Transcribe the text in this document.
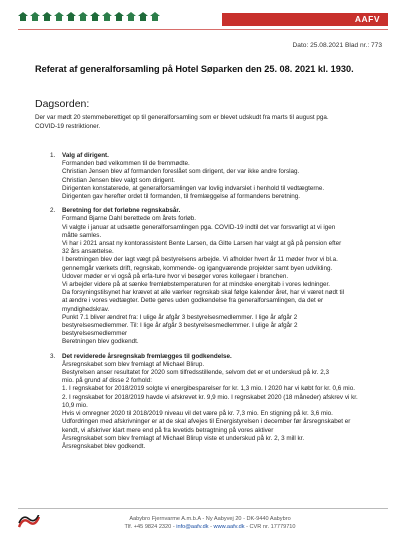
AAFV
Dato: 25.08.2021 Blad nr.: 773
Referat af generalforsamling på Hotel Søparken den 25. 08. 2021 kl. 1930.
Dagsorden:
Der var mødt 20 stemmeberettiget op til generalforsamling som er blevet udskudt fra marts til august pga.
COVID-19 restriktioner.
1. Valg af dirigent.
Formanden bød velkommen til de fremmødte.
Christian Jensen blev af formanden foreslået som dirigent, der var ikke andre forslag.
Christian Jensen blev valgt som dirigent.
Dirigenten konstaterede, at generalforsamlingen var lovlig indvarslet i henhold til vedtægterne.
Dirigenten gav herefter ordet til formanden, til fremlæggelse af formandens beretning.
2. Beretning for det forløbne regnskabsår.
Formand Bjarne Dahl berettede om årets forløb.
Vi valgte i januar at udsætte generalforsamlingen pga. COVID-19 indtil det var forsvarligt at vi igen
måtte samles.
Vi har i 2021 ansat ny kontorassistent Bente Larsen, da Gitte Larsen har valgt at gå på pension efter
32 års ansættelse.
I beretningen blev der lagt vægt på bestyrelsens arbejde. Vi afholder hvert år 11 møder hvor vi bl.a.
gennemgår værkets drift, regnskab, kommende- og igangværende projekter samt byen udvikling.
Udover møder er vi også på erfa-ture hvor vi besøger vores kollegaer i branchen.
Vi arbejder videre på at sænke fremløbstemperaturen for at mindske energitab i vores ledninger.
Da forsyningstilsynet har krævet at alle værker regnskab skal følge kalender året, har vi været nødt til
at ændre i vores vedtægter. Dette gøres uden godkendelse fra generalforsamlingen, da det er
myndighedskrav.
Punkt 7.1 bliver ændret fra: I ulige år afgår 3 bestyrelsesmedlemmer. I lige år afgår 2
bestyrelsesmedlemmer. Til: I lige år afgår 3 bestyrelsesmedlemmer. I ulige år afgår 2
bestyrelsesmedlemmer
Beretningen blev godkendt.
3. Det reviderede årsregnskab fremlægges til godkendelse.
Årsregnskabet som blev fremlagt af Michael Blirup.
Bestyrelsen anser resultatet for 2020 som tilfredsstillende, selvom det er et underskud på kr. 2,3
mio. på grund af disse 2 forhold:
1. I regnskabet for 2018/2019 solgte vi energibesparelser for kr. 1,3 mio. I 2020 har vi købt for kr. 0,6 mio.
2. I regnskabet for 2018/2019 havde vi afskrevet kr. 9,9 mio. I regnskabet 2020 (18 måneder) afskrev vi kr.
10,9 mio.
Hvis vi omregner 2020 til 2018/2019 niveau vil det være på kr. 7,3 mio. En stigning på kr. 3,6 mio.
Udfordringen med afskrivninger er at de skal afvejes til Energistyrelsen i december før årsregnskabet er
kendt, vi afskriver klart mere end på fra levetids betragtning på vores aktiver
Årsregnskabet som blev fremlagt af Michael Blirup viste et underskud på kr. 2, 3 mill kr.
Årsregnskabet blev godkendt.
Aabybro Fjernvarme A.m.b.A - Ny Aabyvej 20 - DK-9440 Aabybro
Tlf. +45 9824 2320 - info@aafv.dk - www.aafv.dk - CVR nr. 17779710
